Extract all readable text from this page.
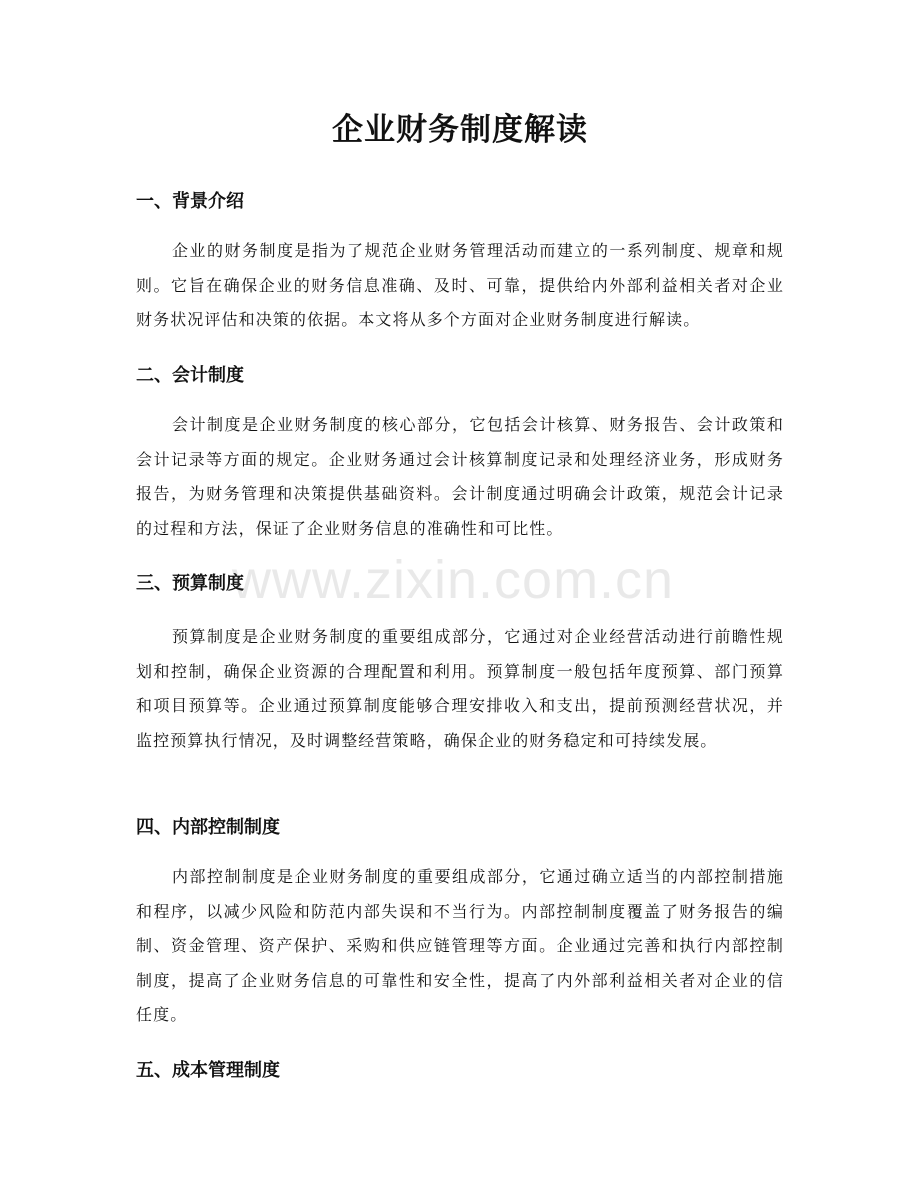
企业财务制度解读
一、背景介绍

企业的财务制度是指为了规范企业财务管理活动而建立的一系列制度、规章和规则。它旨在确保企业的财务信息准确、及时、可靠，提供给内外部利益相关者对企业财务状况评估和决策的依据。本文将从多个方面对企业财务制度进行解读。

二、会计制度

会计制度是企业财务制度的核心部分，它包括会计核算、财务报告、会计政策和会计记录等方面的规定。企业财务通过会计核算制度记录和处理经济业务，形成财务报告，为财务管理和决策提供基础资料。会计制度通过明确会计政策，规范会计记录的过程和方法，保证了企业财务信息的准确性和可比性。

三、预算制度

预算制度是企业财务制度的重要组成部分，它通过对企业经营活动进行前瞻性规划和控制，确保企业资源的合理配置和利用。预算制度一般包括年度预算、部门预算和项目预算等。企业通过预算制度能够合理安排收入和支出，提前预测经营状况，并监控预算执行情况，及时调整经营策略，确保企业的财务稳定和可持续发展。

四、内部控制制度

内部控制制度是企业财务制度的重要组成部分，它通过确立适当的内部控制措施和程序，以减少风险和防范内部失误和不当行为。内部控制制度覆盖了财务报告的编制、资金管理、资产保护、采购和供应链管理等方面。企业通过完善和执行内部控制制度，提高了企业财务信息的可靠性和安全性，提高了内外部利益相关者对企业的信任度。

五、成本管理制度
www.zixin.com.cn
